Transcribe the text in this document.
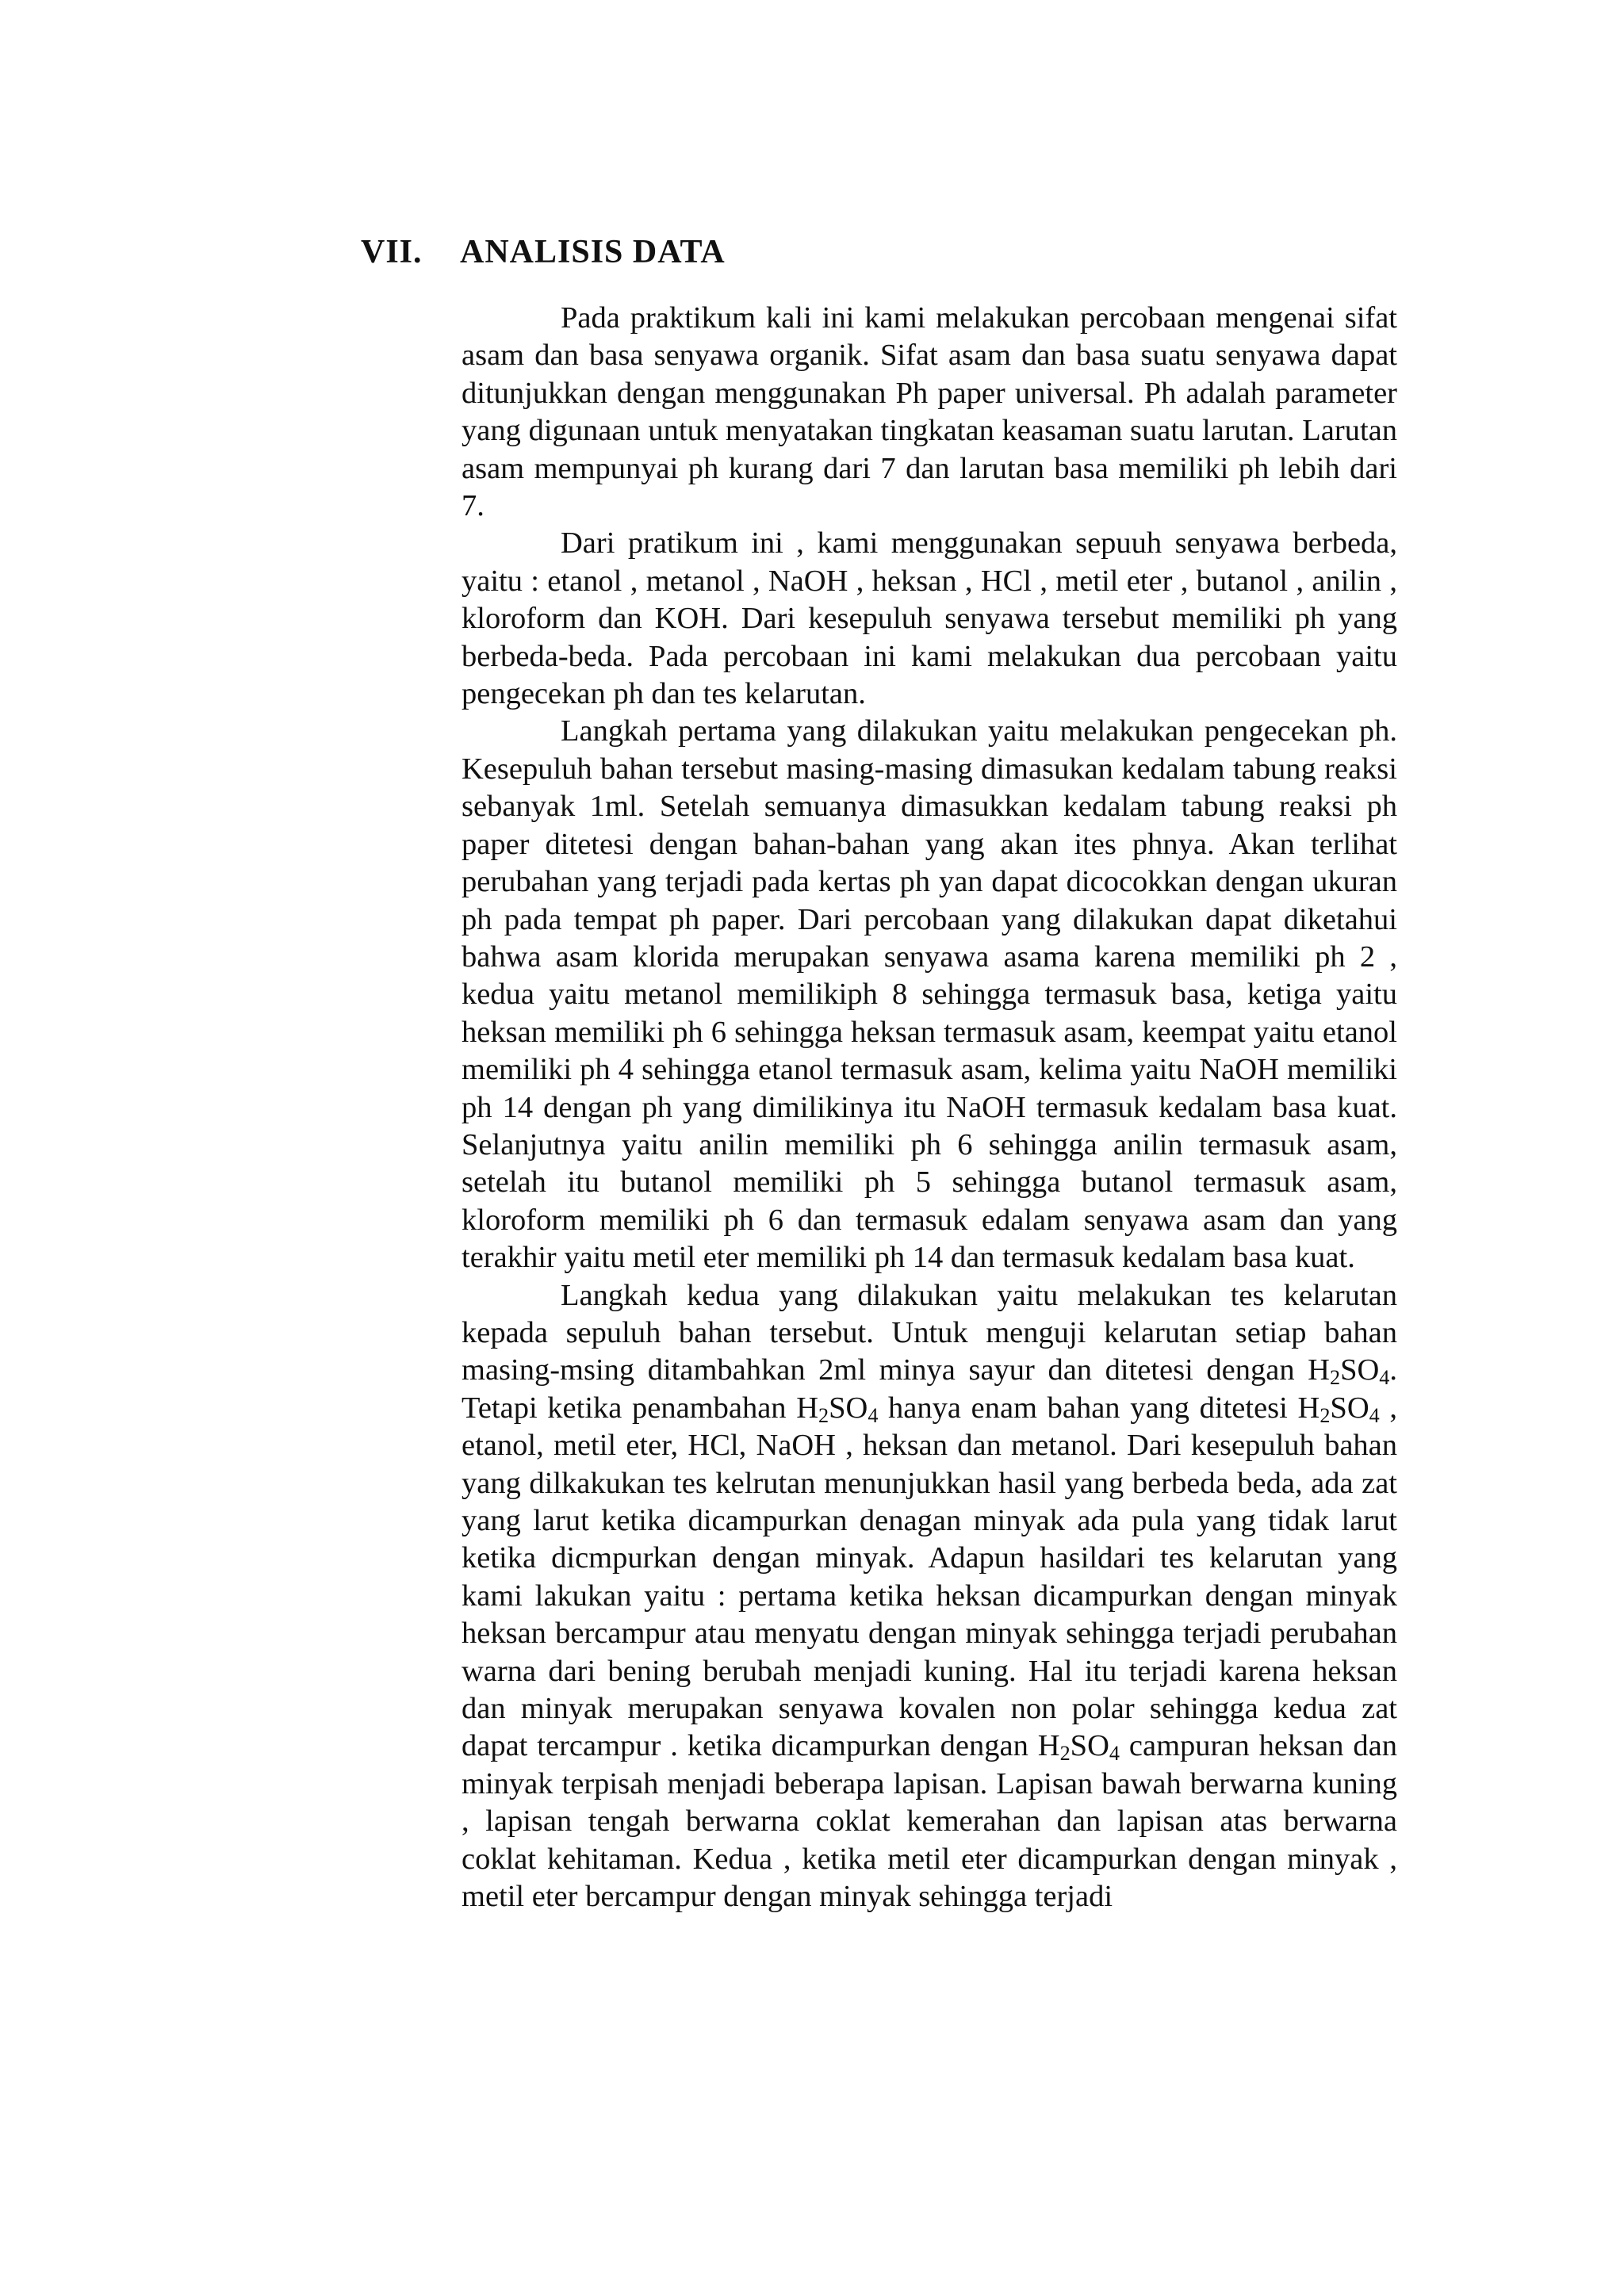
VII.	ANALISIS DATA

Pada praktikum kali ini kami melakukan percobaan mengenai sifat asam dan basa senyawa organik. Sifat asam dan basa suatu senyawa dapat ditunjukkan dengan menggunakan Ph paper universal. Ph adalah parameter yang digunaan untuk menyatakan tingkatan keasaman suatu larutan. Larutan asam mempunyai ph kurang dari 7 dan larutan basa memiliki ph lebih dari 7.

Dari pratikum ini , kami menggunakan sepuuh senyawa berbeda, yaitu : etanol , metanol , NaOH , heksan , HCl , metil eter , butanol , anilin , kloroform dan KOH. Dari kesepuluh senyawa tersebut memiliki ph yang berbeda-beda. Pada percobaan ini kami melakukan dua percobaan yaitu pengecekan ph dan tes kelarutan.

Langkah pertama yang dilakukan yaitu melakukan pengecekan ph. Kesepuluh bahan tersebut masing-masing dimasukan kedalam tabung reaksi sebanyak 1ml. Setelah semuanya dimasukkan kedalam tabung reaksi ph paper ditetesi dengan bahan-bahan yang akan ites phnya. Akan terlihat perubahan yang terjadi pada kertas ph yan dapat dicocokkan dengan ukuran ph pada tempat ph paper. Dari percobaan yang dilakukan dapat diketahui bahwa asam klorida merupakan senyawa asama karena memiliki ph 2 , kedua yaitu metanol memilikiph 8 sehingga termasuk basa, ketiga yaitu heksan memiliki ph 6 sehingga heksan termasuk asam, keempat yaitu etanol memiliki ph 4 sehingga etanol termasuk asam, kelima yaitu NaOH memiliki ph 14 dengan ph yang dimilikinya itu NaOH termasuk kedalam basa kuat. Selanjutnya yaitu anilin memiliki ph 6 sehingga anilin termasuk asam, setelah itu butanol memiliki ph 5 sehingga butanol termasuk asam, kloroform memiliki ph 6 dan termasuk edalam senyawa asam dan yang terakhir yaitu metil eter memiliki ph 14 dan termasuk kedalam basa kuat.

Langkah kedua yang dilakukan yaitu melakukan tes kelarutan kepada sepuluh bahan tersebut. Untuk menguji kelarutan setiap bahan masing-msing ditambahkan 2ml minya sayur dan ditetesi dengan $H_2SO_4$. Tetapi ketika penambahan $H_2SO_4$ hanya enam bahan yang ditetesi $H_2SO_4$ , etanol, metil eter, HCl, NaOH , heksan dan metanol. Dari kesepuluh bahan yang dilkakukan tes kelrutan menunjukkan hasil yang berbeda beda, ada zat yang larut ketika dicampurkan denagan minyak ada pula yang tidak larut ketika dicmpurkan dengan minyak. Adapun hasildari tes kelarutan yang kami lakukan yaitu : pertama ketika heksan dicampurkan dengan minyak heksan bercampur atau menyatu dengan minyak sehingga terjadi perubahan warna dari bening berubah menjadi kuning. Hal itu terjadi karena heksan dan minyak merupakan senyawa kovalen non polar sehingga kedua zat dapat tercampur . ketika dicampurkan dengan $H_2SO_4$ campuran heksan dan minyak terpisah menjadi beberapa lapisan. Lapisan bawah berwarna kuning , lapisan tengah berwarna coklat kemerahan dan lapisan atas berwarna coklat kehitaman. Kedua , ketika metil eter dicampurkan dengan minyak , metil eter bercampur dengan minyak sehingga terjadi
